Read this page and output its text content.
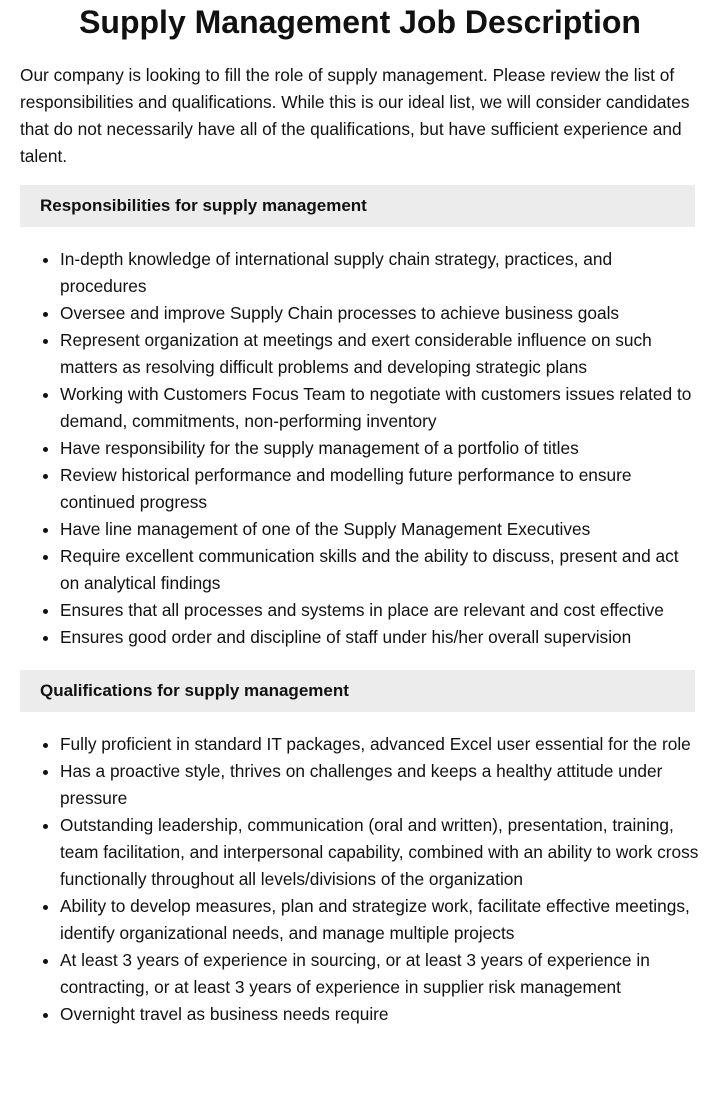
Supply Management Job Description

Our company is looking to fill the role of supply management. Please review the list of responsibilities and qualifications. While this is our ideal list, we will consider candidates that do not necessarily have all of the qualifications, but have sufficient experience and talent.

Responsibilities for supply management
• In-depth knowledge of international supply chain strategy, practices, and procedures
• Oversee and improve Supply Chain processes to achieve business goals
• Represent organization at meetings and exert considerable influence on such matters as resolving difficult problems and developing strategic plans
• Working with Customers Focus Team to negotiate with customers issues related to demand, commitments, non-performing inventory
• Have responsibility for the supply management of a portfolio of titles
• Review historical performance and modelling future performance to ensure continued progress
• Have line management of one of the Supply Management Executives
• Require excellent communication skills and the ability to discuss, present and act on analytical findings
• Ensures that all processes and systems in place are relevant and cost effective
• Ensures good order and discipline of staff under his/her overall supervision
Qualifications for supply management
• Fully proficient in standard IT packages, advanced Excel user essential for the role
• Has a proactive style, thrives on challenges and keeps a healthy attitude under pressure
• Outstanding leadership, communication (oral and written), presentation, training, team facilitation, and interpersonal capability, combined with an ability to work cross functionally throughout all levels/divisions of the organization
• Ability to develop measures, plan and strategize work, facilitate effective meetings, identify organizational needs, and manage multiple projects
• At least 3 years of experience in sourcing, or at least 3 years of experience in contracting, or at least 3 years of experience in supplier risk management
• Overnight travel as business needs require
